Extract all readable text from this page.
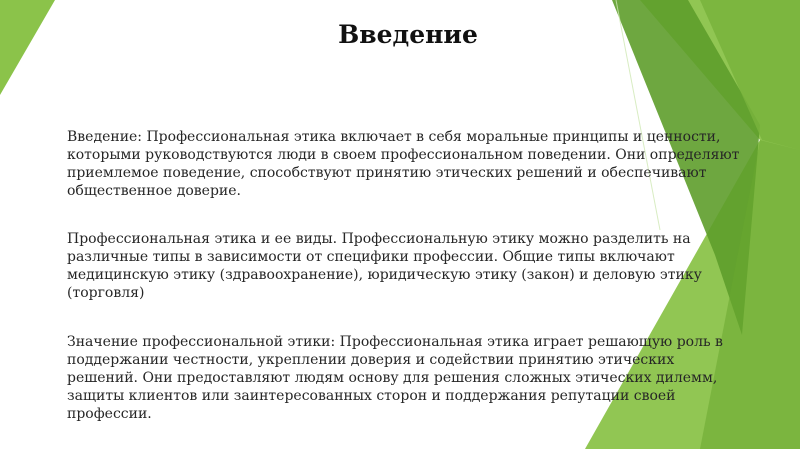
Введение

Введение: Профессиональная этика включает в себя моральные принципы и ценности, которыми руководствуются люди в своем профессиональном поведении. Они определяют приемлемое поведение, способствуют принятию этических решений и обеспечивают общественное доверие.

Профессиональная этика и ее виды. Профессиональную этику можно разделить на различные типы в зависимости от специфики профессии. Общие типы включают медицинскую этику (здравоохранение), юридическую этику (закон) и деловую этику (торговля)

Значение профессиональной этики: Профессиональная этика играет решающую роль в поддержании честности, укреплении доверия и содействии принятию этических решений. Они предоставляют людям основу для решения сложных этических дилемм, защиты клиентов или заинтересованных сторон и поддержания репутации своей профессии.
